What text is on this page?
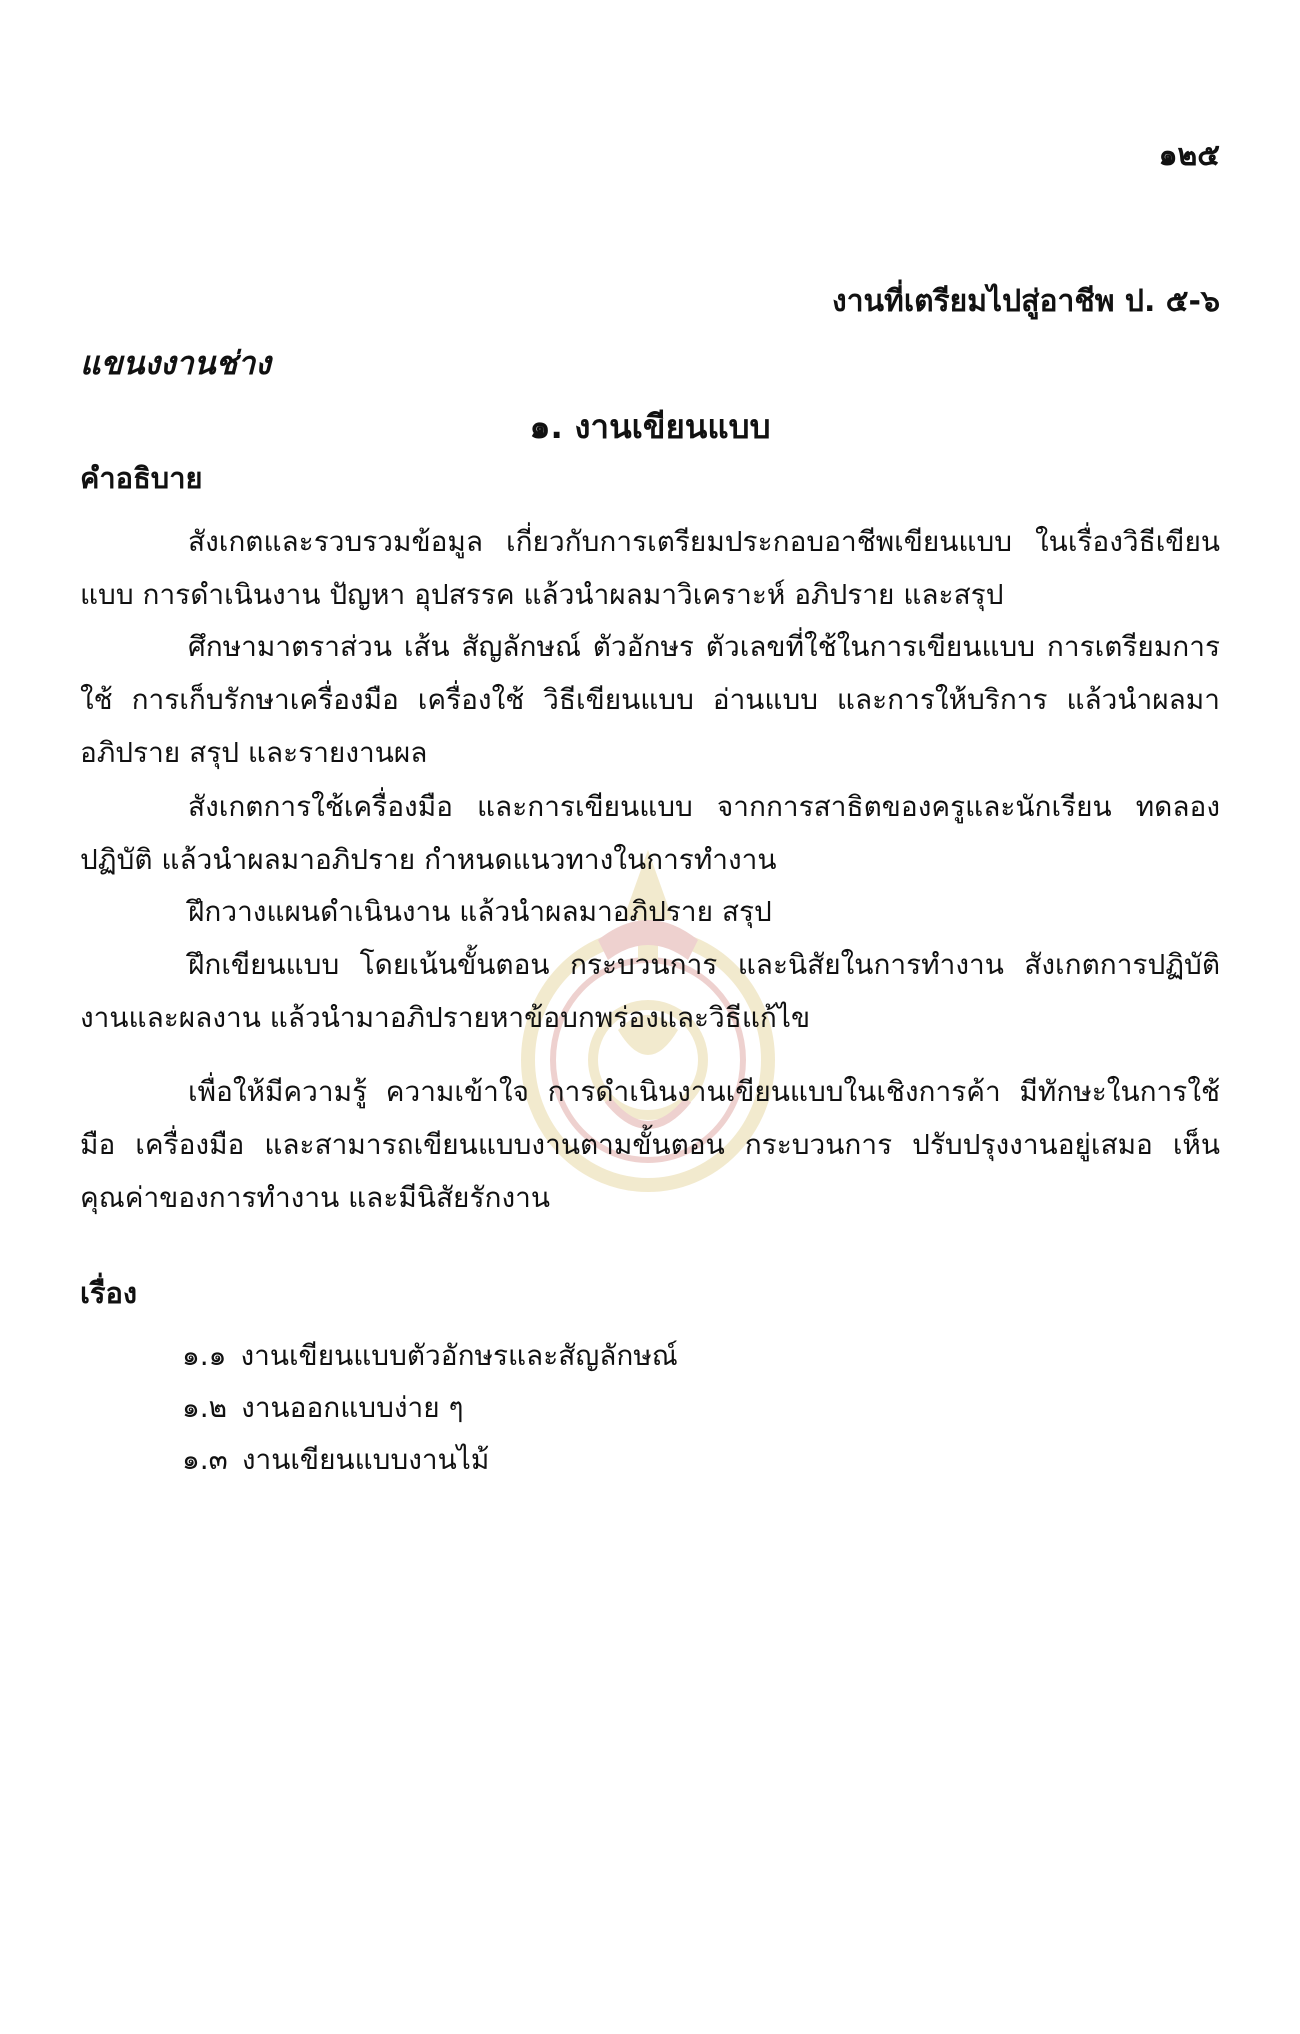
๑๒๕
งานที่เตรียมไปสู่อาชีพ ป. ๕-๖
แขนงงานช่าง
๑. งานเขียนแบบ
คำอธิบาย

สังเกตและรวบรวมข้อมูล เกี่ยวกับการเตรียมประกอบอาชีพเขียนแบบ ในเรื่องวิธีเขียนแบบ การดำเนินงาน ปัญหา อุปสรรค แล้วนำผลมาวิเคราะห์ อภิปราย และสรุป

ศึกษามาตราส่วน เส้น สัญลักษณ์ ตัวอักษร ตัวเลขที่ใช้ในการเขียนแบบ การเตรียมการใช้ การเก็บรักษาเครื่องมือ เครื่องใช้ วิธีเขียนแบบ อ่านแบบ และการให้บริการ แล้วนำผลมาอภิปราย สรุป และรายงานผล

สังเกตการใช้เครื่องมือ และการเขียนแบบ จากการสาธิตของครูและนักเรียน ทดลองปฏิบัติ แล้วนำผลมาอภิปราย กำหนดแนวทางในการทำงาน

ฝึกวางแผนดำเนินงาน แล้วนำผลมาอภิปราย สรุป

ฝึกเขียนแบบ โดยเน้นขั้นตอน กระบวนการ และนิสัยในการทำงาน สังเกตการปฏิบัติงานและผลงาน แล้วนำมาอภิปรายหาข้อบกพร่องและวิธีแก้ไข

เพื่อให้มีความรู้ ความเข้าใจ การดำเนินงานเขียนแบบในเชิงการค้า มีทักษะในการใช้มือ เครื่องมือ และสามารถเขียนแบบงานตามขั้นตอน กระบวนการ ปรับปรุงงานอยู่เสมอ เห็นคุณค่าของการทำงาน และมีนิสัยรักงาน

เรื่อง
๑.๑ งานเขียนแบบตัวอักษรและสัญลักษณ์
๑.๒ งานออกแบบง่าย ๆ
๑.๓ งานเขียนแบบงานไม้
